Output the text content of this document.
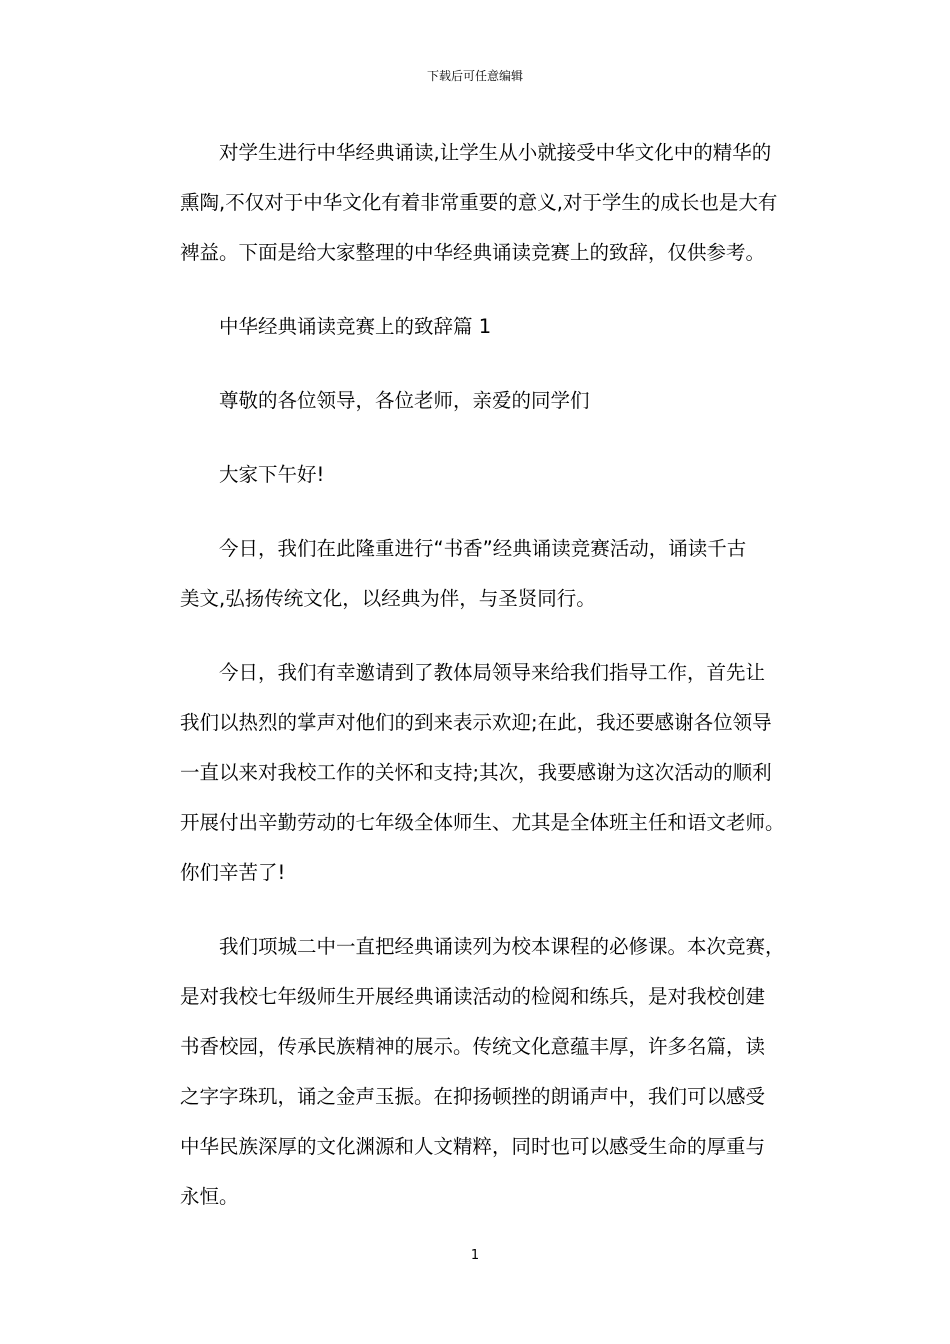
下载后可任意编辑
对学生进行中华经典诵读,让学生从小就接受中华文化中的精华的
熏陶,不仅对于中华文化有着非常重要的意义,对于学生的成长也是大有
裨益。下面是给大家整理的中华经典诵读竞赛上的致辞，仅供参考。
中华经典诵读竞赛上的致辞篇 1
尊敬的各位领导，各位老师，亲爱的同学们
大家下午好!
今日，我们在此隆重进行“书香”经典诵读竞赛活动，诵读千古
美文,弘扬传统文化，以经典为伴，与圣贤同行。
今日，我们有幸邀请到了教体局领导来给我们指导工作，首先让
我们以热烈的掌声对他们的到来表示欢迎;在此，我还要感谢各位领导
一直以来对我校工作的关怀和支持;其次，我要感谢为这次活动的顺利
开展付出辛勤劳动的七年级全体师生、尤其是全体班主任和语文老师。
你们辛苦了!
我们项城二中一直把经典诵读列为校本课程的必修课。本次竞赛，
是对我校七年级师生开展经典诵读活动的检阅和练兵，是对我校创建
书香校园，传承民族精神的展示。传统文化意蕴丰厚，许多名篇，读
之字字珠玑，诵之金声玉振。在抑扬顿挫的朗诵声中，我们可以感受
中华民族深厚的文化渊源和人文精粹，同时也可以感受生命的厚重与
永恒。
1
